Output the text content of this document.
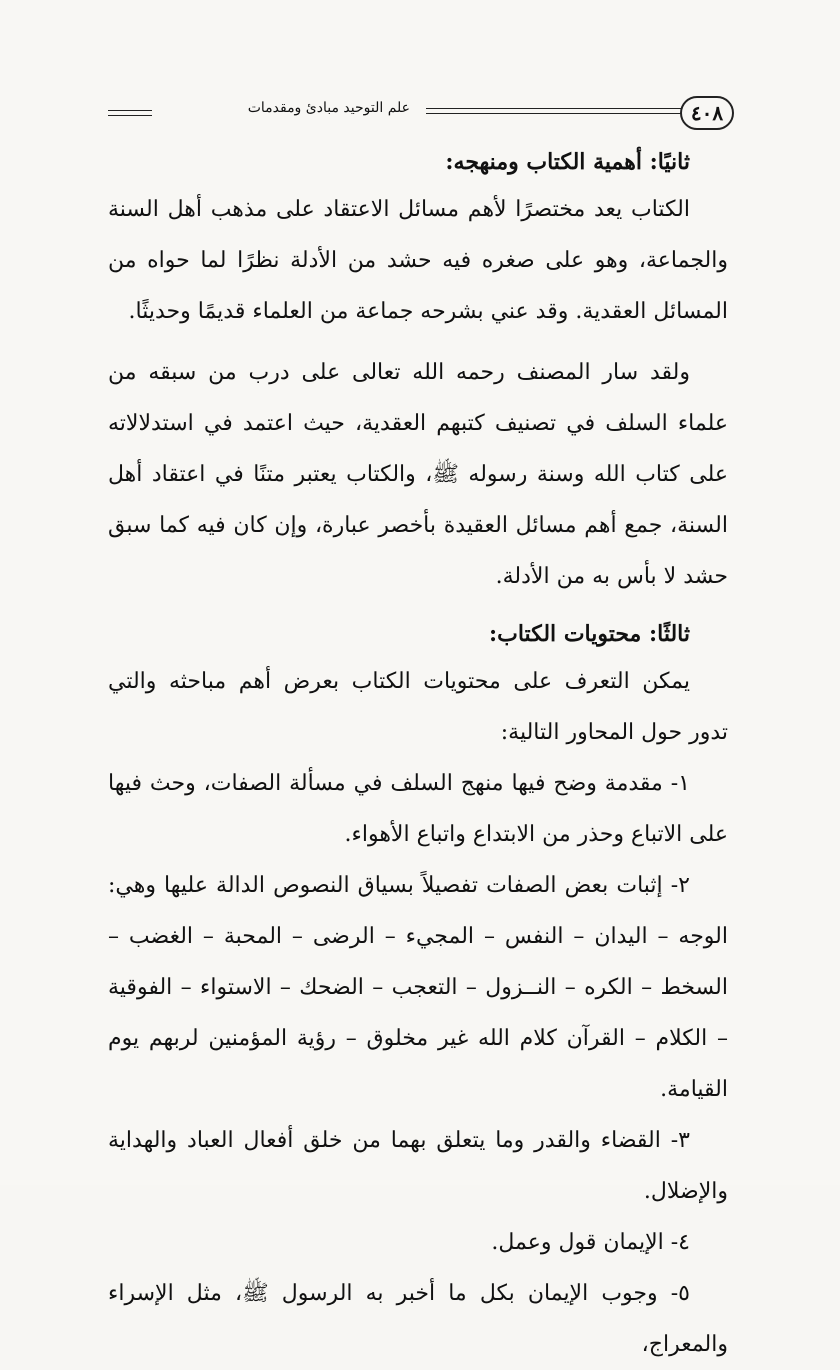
علم التوحيد مبادئ ومقدمات	٤٠٨

ثانيًا: أهمية الكتاب ومنهجه:

الكتاب يعد مختصرًا لأهم مسائل الاعتقاد على مذهب أهل السنة والجماعة، وهو على صغره فيه حشد من الأدلة نظرًا لما حواه من المسائل العقدية. وقد عني بشرحه جماعة من العلماء قديمًا وحديثًا.

ولقد سار المصنف رحمه الله تعالى على درب من سبقه من علماء السلف في تصنيف كتبهم العقدية، حيث اعتمد في استدلالاته على كتاب الله وسنة رسوله ﷺ، والكتاب يعتبر متنًا في اعتقاد أهل السنة، جمع أهم مسائل العقيدة بأخصر عبارة، وإن كان فيه كما سبق حشد لا بأس به من الأدلة.

ثالثًا: محتويات الكتاب:

يمكن التعرف على محتويات الكتاب بعرض أهم مباحثه والتي تدور حول المحاور التالية:

١- مقدمة وضح فيها منهج السلف في مسألة الصفات، وحث فيها على الاتباع وحذر من الابتداع واتباع الأهواء.

٢- إثبات بعض الصفات تفصيلاً بسياق النصوص الدالة عليها وهي: الوجه – اليدان – النفس – المجيء – الرضى – المحبة – الغضب – السخط – الكره – النــزول – التعجب – الضحك – الاستواء – الفوقية – الكلام – القرآن كلام الله غير مخلوق – رؤية المؤمنين لربهم يوم القيامة.

٣- القضاء والقدر وما يتعلق بهما من خلق أفعال العباد والهداية والإضلال.

٤- الإيمان قول وعمل.

٥- وجوب الإيمان بكل ما أخبر به الرسول ﷺ، مثل الإسراء والمعراج،
